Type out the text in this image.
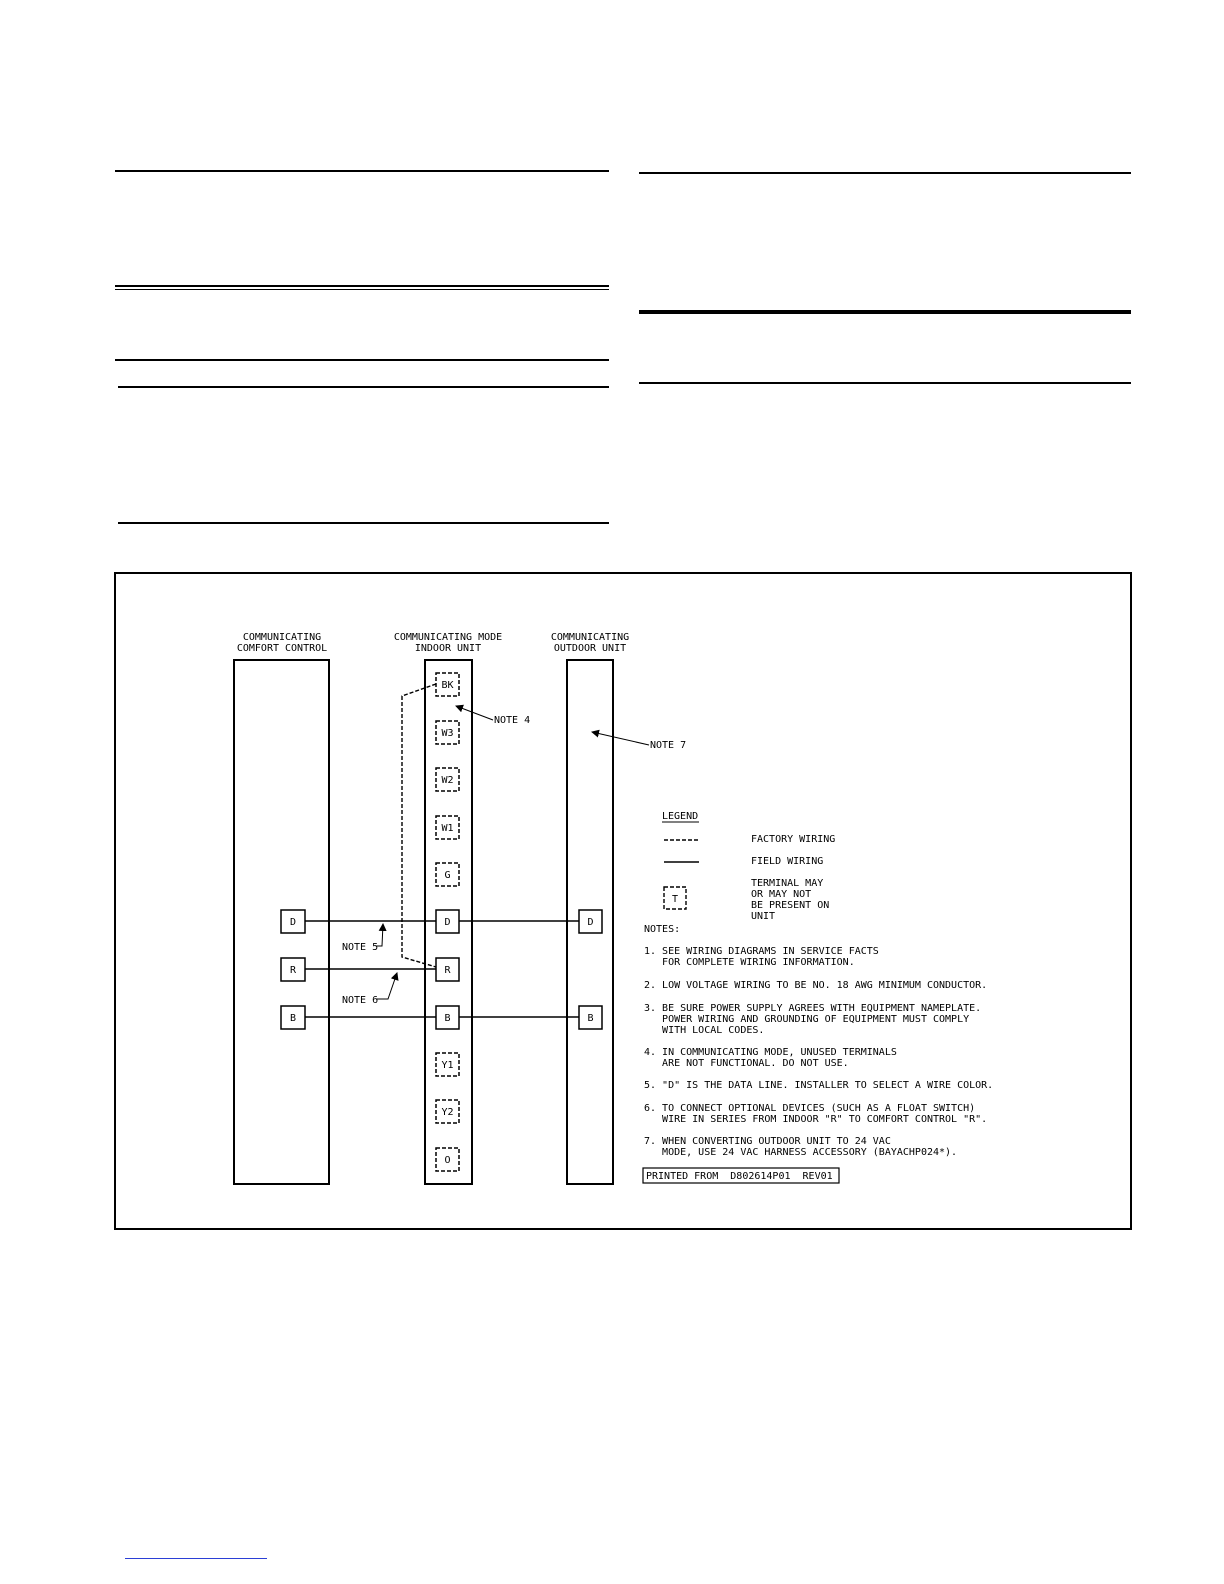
COMMUNICATING
COMFORT CONTROL
COMMUNICATING MODE
INDOOR UNIT
COMMUNICATING
OUTDOOR UNIT
BK
W3
W2
W1
G
D
R
B
Y1
Y2
O
D
R
B
D
B
NOTE 4
NOTE 7
NOTE 5
NOTE 6
LEGEND
FACTORY WIRING
FIELD WIRING
T
TERMINAL MAY
OR MAY NOT
BE PRESENT ON
UNIT
NOTES:
1. SEE WIRING DIAGRAMS IN SERVICE FACTS
FOR COMPLETE WIRING INFORMATION.
2. LOW VOLTAGE WIRING TO BE NO. 18 AWG MINIMUM CONDUCTOR.
3. BE SURE POWER SUPPLY AGREES WITH EQUIPMENT NAMEPLATE.
POWER WIRING AND GROUNDING OF EQUIPMENT MUST COMPLY
WITH LOCAL CODES.
4. IN COMMUNICATING MODE, UNUSED TERMINALS
ARE NOT FUNCTIONAL. DO NOT USE.
5. "D" IS THE DATA LINE. INSTALLER TO SELECT A WIRE COLOR.
6. TO CONNECT OPTIONAL DEVICES (SUCH AS A FLOAT SWITCH)
WIRE IN SERIES FROM INDOOR "R" TO COMFORT CONTROL "R".
7. WHEN CONVERTING OUTDOOR UNIT TO 24 VAC
MODE, USE 24 VAC HARNESS ACCESSORY (BAYACHP024*).
PRINTED FROM  D802614P01  REV01
